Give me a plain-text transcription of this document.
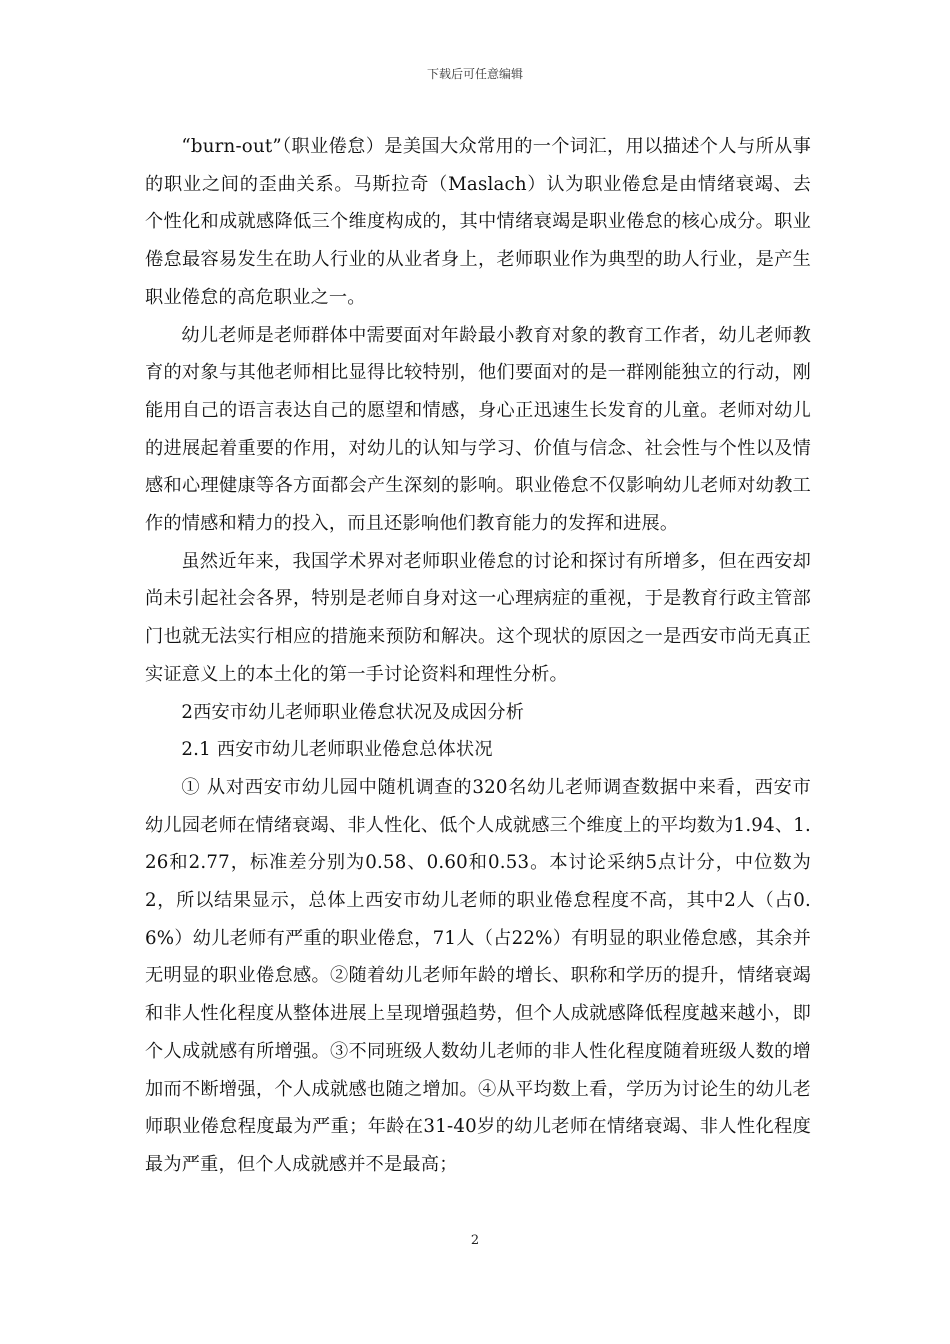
下载后可任意编辑

“burn-out”（职业倦怠）是美国大众常用的一个词汇，用以描述个人与所从事的职业之间的歪曲关系。马斯拉奇（Maslach）认为职业倦怠是由情绪衰竭、去个性化和成就感降低三个维度构成的，其中情绪衰竭是职业倦怠的核心成分。职业倦怠最容易发生在助人行业的从业者身上，老师职业作为典型的助人行业，是产生职业倦怠的高危职业之一。

幼儿老师是老师群体中需要面对年龄最小教育对象的教育工作者，幼儿老师教育的对象与其他老师相比显得比较特别，他们要面对的是一群刚能独立的行动，刚能用自己的语言表达自己的愿望和情感，身心正迅速生长发育的儿童。老师对幼儿的进展起着重要的作用，对幼儿的认知与学习、价值与信念、社会性与个性以及情感和心理健康等各方面都会产生深刻的影响。职业倦怠不仅影响幼儿老师对幼教工作的情感和精力的投入，而且还影响他们教育能力的发挥和进展。

虽然近年来，我国学术界对老师职业倦怠的讨论和探讨有所增多，但在西安却尚未引起社会各界，特别是老师自身对这一心理病症的重视，于是教育行政主管部门也就无法实行相应的措施来预防和解决。这个现状的原因之一是西安市尚无真正实证意义上的本土化的第一手讨论资料和理性分析。

2西安市幼儿老师职业倦怠状况及成因分析

2.1 西安市幼儿老师职业倦怠总体状况

① 从对西安市幼儿园中随机调查的320名幼儿老师调查数据中来看，西安市幼儿园老师在情绪衰竭、非人性化、低个人成就感三个维度上的平均数为1.94、1.26和2.77，标准差分别为0.58、0.60和0.53。本讨论采纳5点计分，中位数为2，所以结果显示，总体上西安市幼儿老师的职业倦怠程度不高，其中2人（占0.6%）幼儿老师有严重的职业倦怠，71人（占22%）有明显的职业倦怠感，其余并无明显的职业倦怠感。②随着幼儿老师年龄的增长、职称和学历的提升，情绪衰竭和非人性化程度从整体进展上呈现增强趋势，但个人成就感降低程度越来越小，即个人成就感有所增强。③不同班级人数幼儿老师的非人性化程度随着班级人数的增加而不断增强，个人成就感也随之增加。④从平均数上看，学历为讨论生的幼儿老师职业倦怠程度最为严重；年龄在31-40岁的幼儿老师在情绪衰竭、非人性化程度最为严重，但个人成就感并不是最高；

2
